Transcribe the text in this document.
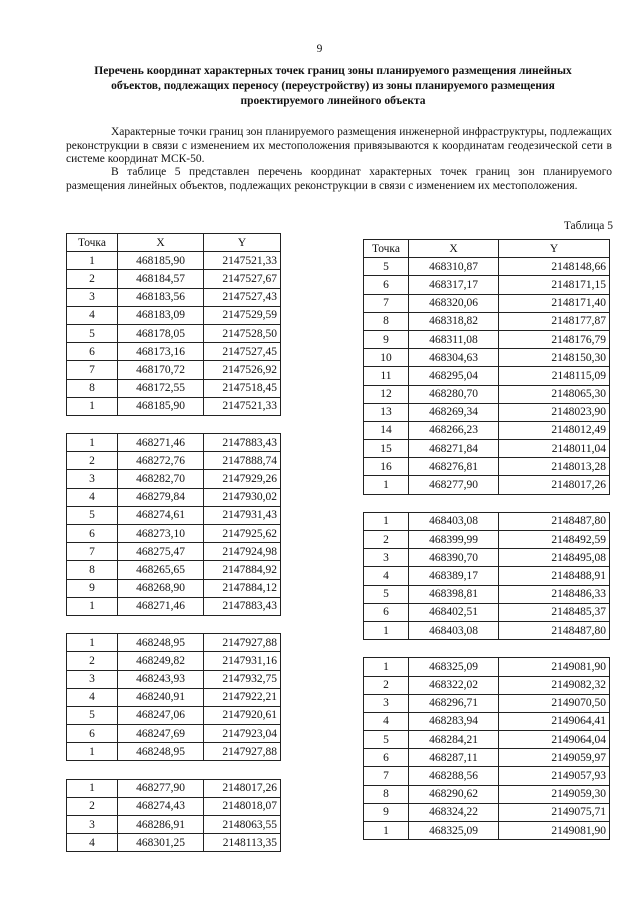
9
Перечень координат характерных точек границ зоны планируемого размещения линейных объектов, подлежащих переносу (переустройству) из зоны планируемого размещения проектируемого линейного объекта
Характерные точки границ зон планируемого размещения инженерной инфраструктуры, подлежащих реконструкции в связи с изменением их местоположения привязываются к координатам геодезической сети в системе координат МСК-50.
В таблице 5 представлен перечень координат характерных точек границ зон планируемого размещения линейных объектов, подлежащих реконструкции в связи с изменением их местоположения.
Таблица 5
Точка	X	Y
1	468185,90	2147521,33
2	468184,57	2147527,67
3	468183,56	2147527,43
4	468183,09	2147529,59
5	468178,05	2147528,50
6	468173,16	2147527,45
7	468170,72	2147526,92
8	468172,55	2147518,45
1	468185,90	2147521,33

1	468271,46	2147883,43
2	468272,76	2147888,74
3	468282,70	2147929,26
4	468279,84	2147930,02
5	468274,61	2147931,43
6	468273,10	2147925,62
7	468275,47	2147924,98
8	468265,65	2147884,92
9	468268,90	2147884,12
1	468271,46	2147883,43

1	468248,95	2147927,88
2	468249,82	2147931,16
3	468243,93	2147932,75
4	468240,91	2147922,21
5	468247,06	2147920,61
6	468247,69	2147923,04
1	468248,95	2147927,88

1	468277,90	2148017,26
2	468274,43	2148018,07
3	468286,91	2148063,55
4	468301,25	2148113,35
Точка	X	Y
5	468310,87	2148148,66
6	468317,17	2148171,15
7	468320,06	2148171,40
8	468318,82	2148177,87
9	468311,08	2148176,79
10	468304,63	2148150,30
11	468295,04	2148115,09
12	468280,70	2148065,30
13	468269,34	2148023,90
14	468266,23	2148012,49
15	468271,84	2148011,04
16	468276,81	2148013,28
1	468277,90	2148017,26

1	468403,08	2148487,80
2	468399,99	2148492,59
3	468390,70	2148495,08
4	468389,17	2148488,91
5	468398,81	2148486,33
6	468402,51	2148485,37
1	468403,08	2148487,80

1	468325,09	2149081,90
2	468322,02	2149082,32
3	468296,71	2149070,50
4	468283,94	2149064,41
5	468284,21	2149064,04
6	468287,11	2149059,97
7	468288,56	2149057,93
8	468290,62	2149059,30
9	468324,22	2149075,71
1	468325,09	2149081,90
